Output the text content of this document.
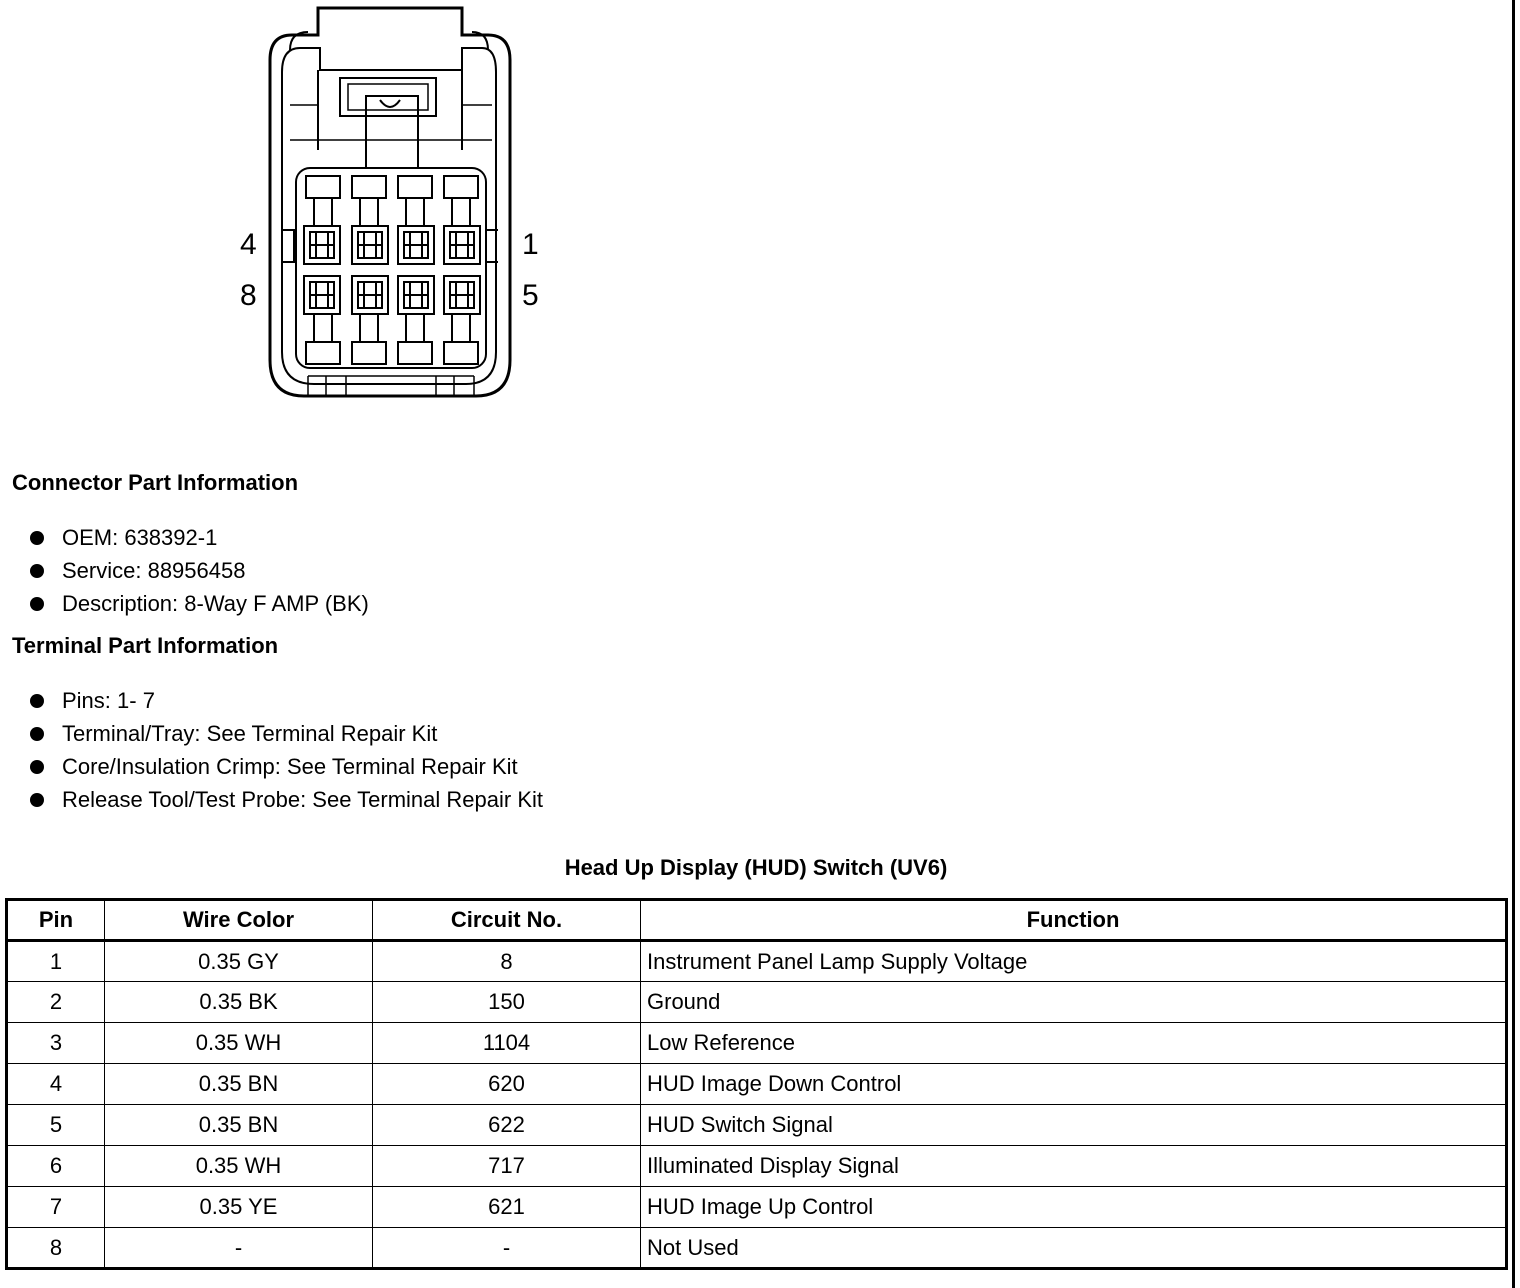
4
8
1
5
Connector Part Information
OEM: 638392-1
Service: 88956458
Description: 8-Way F AMP (BK)
Terminal Part Information
Pins: 1- 7
Terminal/Tray: See Terminal Repair Kit
Core/Insulation Crimp: See Terminal Repair Kit
Release Tool/Test Probe: See Terminal Repair Kit
Head Up Display (HUD) Switch (UV6)
Pin	Wire Color	Circuit No.	Function
1	0.35 GY	8	Instrument Panel Lamp Supply Voltage
2	0.35 BK	150	Ground
3	0.35 WH	1104	Low Reference
4	0.35 BN	620	HUD Image Down Control
5	0.35 BN	622	HUD Switch Signal
6	0.35 WH	717	Illuminated Display Signal
7	0.35 YE	621	HUD Image Up Control
8	-	-	Not Used
